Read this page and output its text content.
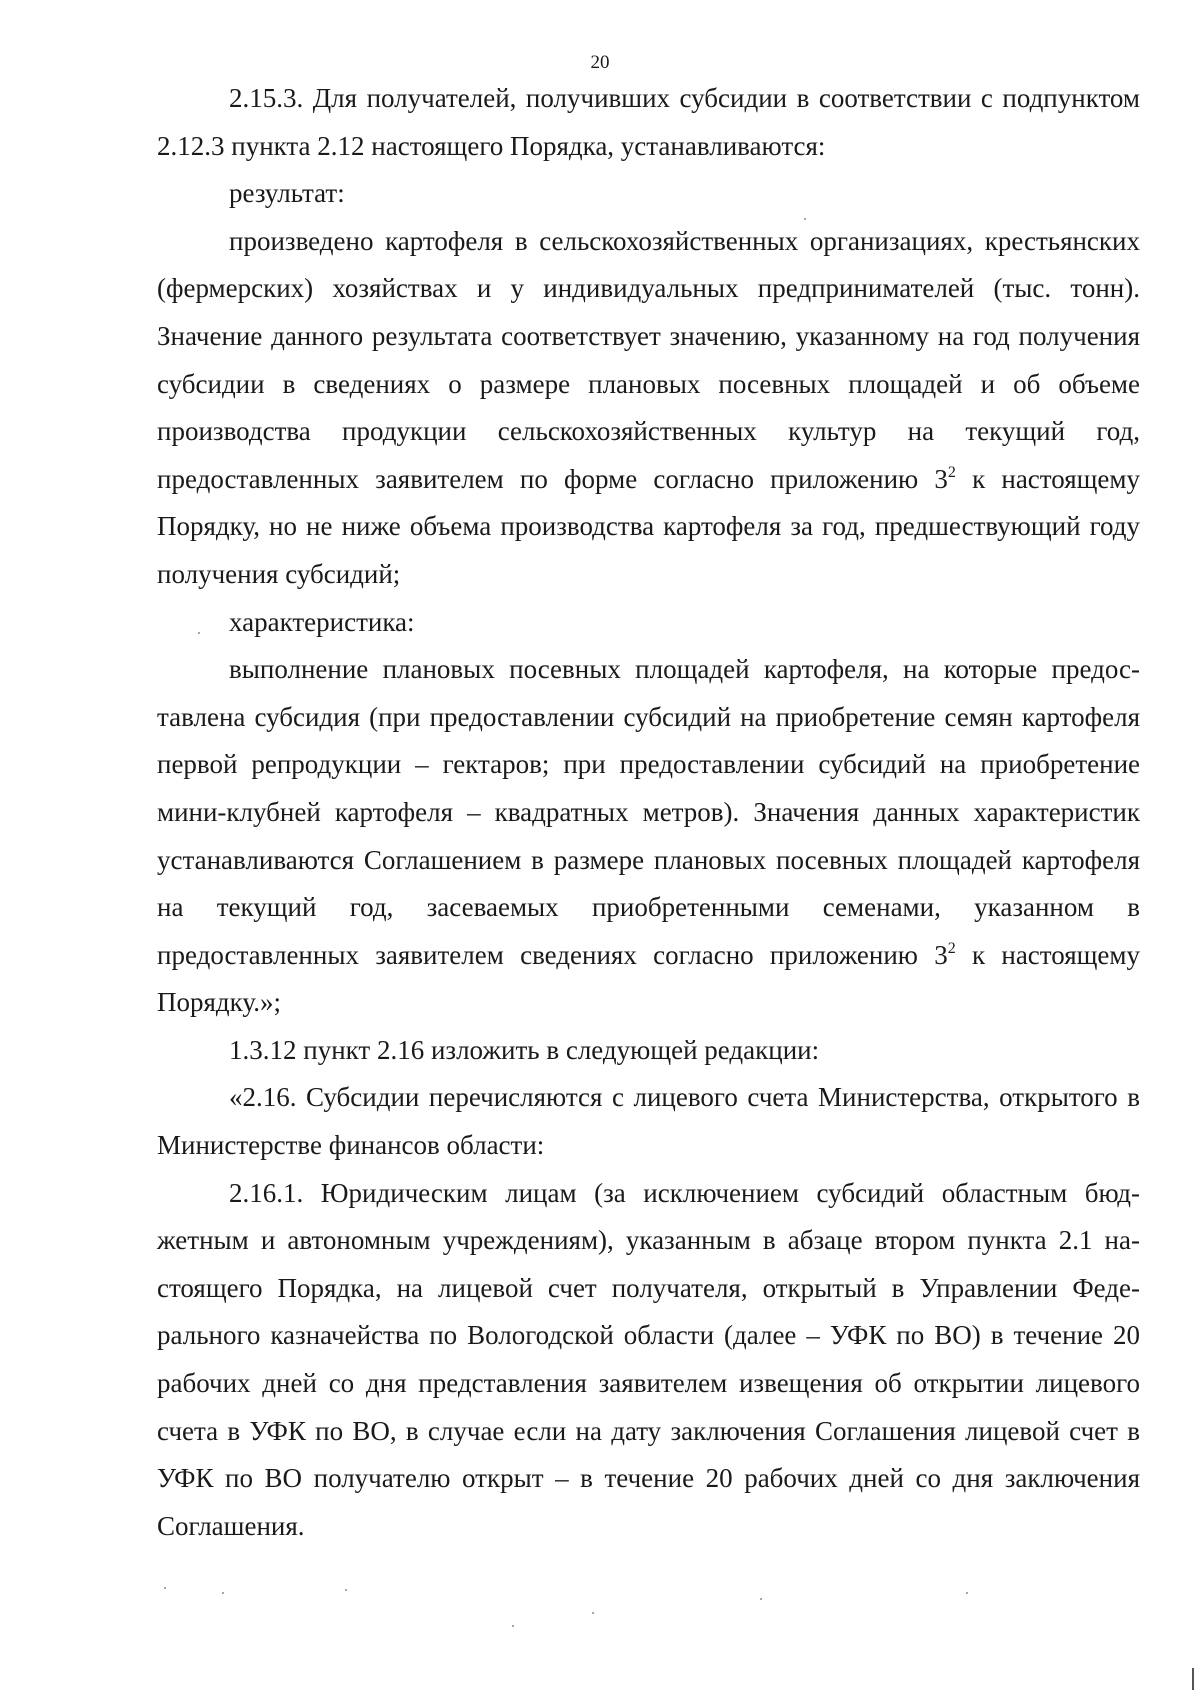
20

2.15.3. Для получателей, получивших субсидии в соответствии с подпунктом 2.12.3 пункта 2.12 настоящего Порядка, устанавливаются:

результат:

произведено картофеля в сельскохозяйственных организациях, крестьянских (фермерских) хозяйствах и у индивидуальных предпринимателей (тыс. тонн). Значение данного результата соответствует значению, указанному на год получения субсидии в сведениях о размере плановых посевных площадей и об объеме производства продукции сельскохозяйственных культур на текущий год, предоставленных заявителем по форме согласно приложению $3^2$ к настоящему Порядку, но не ниже объема производства картофеля за год, предшествующий году получения субсидий;

характеристика:

выполнение плановых посевных площадей картофеля, на которые предоставлена субсидия (при предоставлении субсидий на приобретение семян картофеля первой репродукции – гектаров; при предоставлении субсидий на приобретение мини-клубней картофеля – квадратных метров). Значения данных характеристик устанавливаются Соглашением в размере плановых посевных площадей картофеля на текущий год, засеваемых приобретенными семенами, указанном в предоставленных заявителем сведениях согласно приложению $3^2$ к настоящему Порядку.»;

1.3.12 пункт 2.16 изложить в следующей редакции:

«2.16. Субсидии перечисляются с лицевого счета Министерства, открытого в Министерстве финансов области:

2.16.1. Юридическим лицам (за исключением субсидий областным бюджетным и автономным учреждениям), указанным в абзаце втором пункта 2.1 настоящего Порядка, на лицевой счет получателя, открытый в Управлении Федерального казначейства по Вологодской области (далее – УФК по ВО) в течение 20 рабочих дней со дня представления заявителем извещения об открытии лицевого счета в УФК по ВО, в случае если на дату заключения Соглашения лицевой счет в УФК по ВО получателю открыт – в течение 20 рабочих дней со дня заключения Соглашения.
